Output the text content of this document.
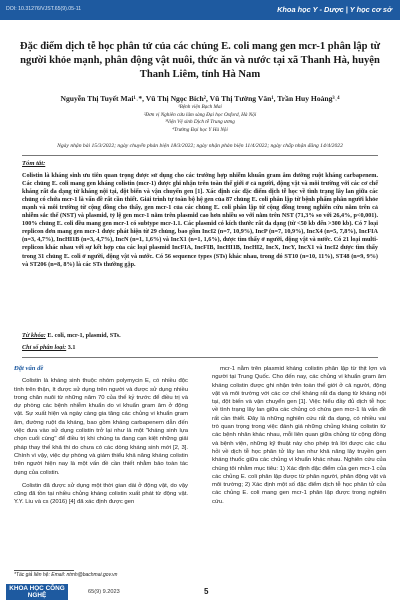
DOI: 10.31276/VJST.65(9).05-11	Khoa học Y - Dược | Y học cơ sở
Đặc điểm dịch tễ học phân tử của các chủng E. coli mang gen mcr-1 phân lập từ người khỏe mạnh, phân động vật nuôi, thức ăn và nước tại xã Thanh Hà, huyện Thanh Liêm, tỉnh Hà Nam
Nguyễn Thị Tuyết Mai¹˒*, Vũ Thị Ngọc Bích², Vũ Thị Tường Vân¹, Trần Huy Hoàng³˒⁴
¹Bệnh viện Bạch Mai
²Đơn vị Nghiên cứu lâm sàng Đại học Oxford, Hà Nội
³Viện Vệ sinh Dịch tễ Trung ương
⁴Trường Đại học Y Hà Nội
Ngày nhận bài 15/3/2022; ngày chuyển phản biện 18/3/2022; ngày nhận phản biện 11/4/2022; ngày chấp nhận đăng 14/4/2022
Tóm tắt:
Colistin là kháng sinh ưu tiên quan trọng được sử dụng cho các trường hợp nhiễm khuẩn gram âm đường ruột kháng carbapenem. Các chủng E. coli mang gen kháng colistin (mcr-1) được ghi nhận trên toàn thế giới ở cả người, động vật và môi trường với các cơ chế kháng rất đa dạng từ kháng nội tại, đột biến và vận chuyển gen [1]. Xác định các đặc điểm dịch tễ học về tình trạng lây lan giữa các chủng có chứa mcr-1 là vấn đề rất cần thiết. Giải trình tự toàn bộ hệ gen của 87 chủng E. coli phân lập từ bệnh phẩm phân người khỏe mạnh và môi trường từ cộng đồng cho thấy, gen mcr-1 của các chủng E. coli phân lập từ cộng đồng trong nghiên cứu nằm trên cả nhiễm sắc thể (NST) và plasmid, tỷ lệ gen mcr-1 nằm trên plasmid cao hơn nhiều so với nằm trên NST (71,3% so với 26,4%, p<0,001). 100% chủng E. coli đều mang gen mcr-1 có subtype mcr-1.1. Các plasmid có kích thước rất đa dạng (từ <50 kb đến >300 kb). Có 7 loại replicon đơn mang gen mcr-1 được phát hiện từ 29 chủng, bao gồm IncI2 (n=7, 10,9%), IncP (n=7, 10,9%), IncX4 (n=5, 7,8%), IncFIA (n=3, 4,7%), IncHI1B (n=3, 4,7%), IncN (n=1, 1,6%) và IncX1 (n=1, 1,6%), được tìm thấy ở người, động vật và nước. Có 21 loại multi-replicon khác nhau với sự kết hợp của các loại plasmid IncFIA, IncFIB, IncHI1B, IncHI2, IncX, IncY, IncX1 và IncI2 được tìm thấy trong 31 chủng E. coli ở người, động vật và nước. Có 56 sequence types (STs) khác nhau, trong đó ST10 (n=10, 11%), ST48 (n=9, 9%) và ST206 (n=8, 8%) là các STs thường gặp.
Từ khóa: E. coli, mcr-1, plasmid, STs.
Chỉ số phân loại: 3.1
Đặt vấn đề

Colistin là kháng sinh thuộc nhóm polymycin E, có nhiều độc tính trên thận, ít được sử dụng trên người và được sử dụng nhiều trong chăn nuôi từ những năm 70 của thế kỷ trước để điều trị và dự phòng các bệnh nhiễm khuẩn do vi khuẩn gram âm ở động vật. Sự xuất hiện và ngày càng gia tăng các chủng vi khuẩn gram âm, đường ruột đa kháng, bao gồm kháng carbapenem dẫn đến việc đưa vào sử dụng colistin trở lại như là một "kháng sinh lựa chọn cuối cùng" để điều trị khi chúng ta đang cạn kiệt những giải pháp thay thế khả thi do chưa có các dòng kháng sinh mới [2, 3]. Chính vì vậy, việc dự phòng và giám thiểu khả năng kháng colistin trên người hiện nay là một vấn đề cần thiết nhằm bảo toàn tác dụng của colistin.

Colistin đã được sử dụng một thời gian dài ở động vật, do vậy cũng đã tồn tại nhiều chủng kháng colistin xuất phát từ động vật. Y.Y. Liu và cs (2016) [4] đã xác định được gen

mcr-1 nằm trên plasmid kháng colistin phân lập từ thịt lợn và người tại Trung Quốc. Cho đến nay, các chủng vi khuẩn gram âm kháng colistin được ghi nhận trên toàn thế giới ở cả người, động vật và môi trường với các cơ chế kháng rất đa dạng từ kháng nội tại, đột biến và vận chuyển gen [1]. Việc hiểu đầy đủ dịch tễ học về tình trạng lây lan giữa các chủng có chứa gen mcr-1 là vấn đề rất cần thiết. Đây là những nghiên cứu rất đa dạng, có nhiều vai trò quan trọng trong việc đánh giá những chủng kháng colistin từ các bệnh nhân khác nhau, mỗi liên quan giữa chủng từ cộng đồng và bệnh viện, những kỹ thuật này cho phép trả lời được các câu hỏi về dịch tễ học phân tử lây lan như khả năng lây truyền gen kháng thuốc giữa các chủng vi khuẩn khác nhau. Nghiên cứu của chúng tôi nhằm mục tiêu: 1) Xác định đặc điểm của gen mcr-1 của các chủng E. coli phân lập được từ phân người, phân động vật và môi trường; 2) Xác định một số đặc điểm dịch tễ học phân tử của các chủng E. coli mang gen mcr-1 phân lập được trong nghiên cứu.

*Tác giả liên hệ: Email: ntmh@bachmai.gov.vn
KHOA HỌC CÔNG NGHỆ	65(9) 9.2023	5
